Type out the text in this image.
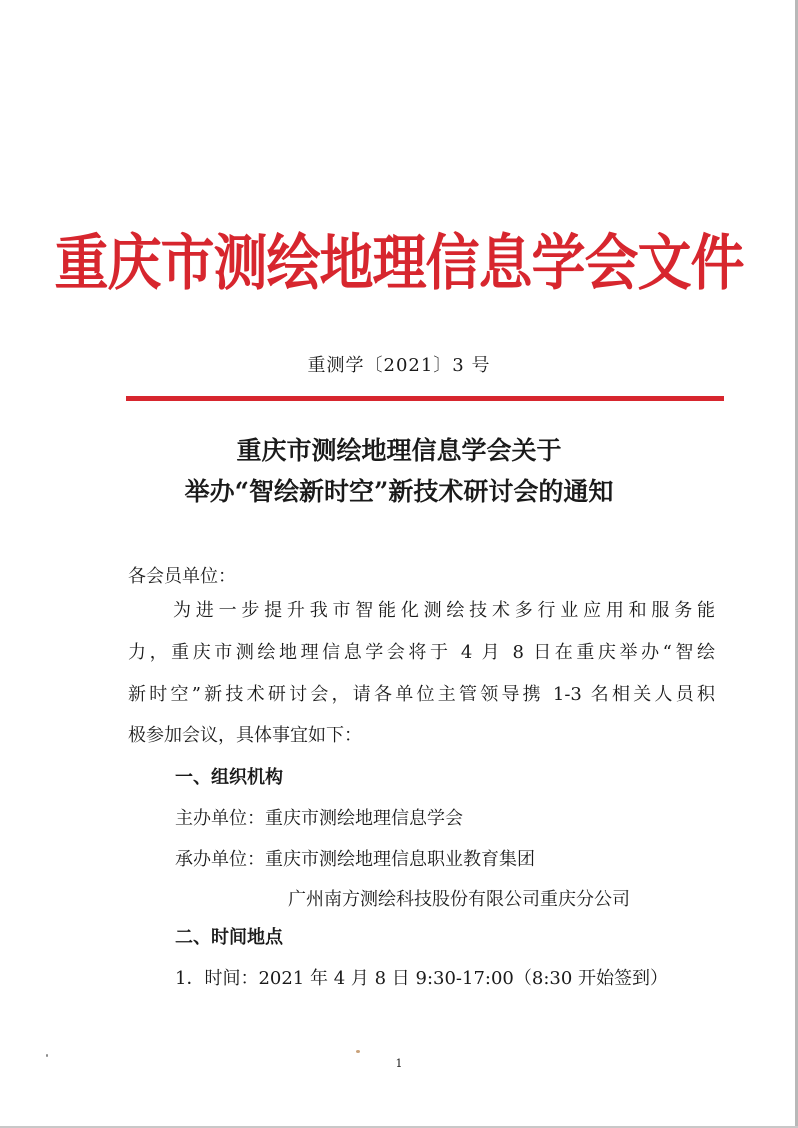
重庆市测绘地理信息学会文件
重测学〔2021〕3 号
重庆市测绘地理信息学会关于
举办“智绘新时空”新技术研讨会的通知
各会员单位：
为进一步提升我市智能化测绘技术多行业应用和服务能
力，重庆市测绘地理信息学会将于 4 月 8 日在重庆举办“智绘
新时空”新技术研讨会，请各单位主管领导携 1-3 名相关人员积
极参加会议，具体事宜如下：
一、组织机构
主办单位：重庆市测绘地理信息学会
承办单位：重庆市测绘地理信息职业教育集团
广州南方测绘科技股份有限公司重庆分公司
二、时间地点
1．时间：2021 年 4 月 8 日 9:30-17:00（8:30 开始签到）
1
